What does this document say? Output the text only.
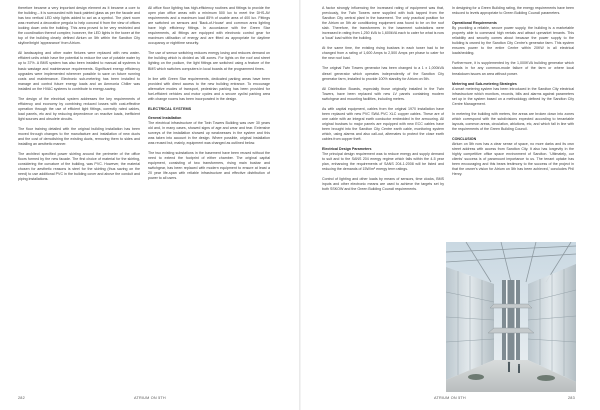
therefore became a very important design element as it became a core to the building – it is surrounded with back painted glass as per the facade and has two vertical LED strip lights added to act as a symbol. The plant room was received a decorative pergola to help conceal it from the view of offices looking down onto the building. This area proved to be very restricted and the coordination thereof complex; however, the LED lights in the tower at the top of the building clearly defined Atrium on 5th within the Sandton City skyline/bright 'appearance' from Atrium.

All landscaping and other water fixtures were replaced with new water-efficient units which have the potential to reduce the use of potable water by up to 37%. A BMS system has also been installed to manual all systems to basic wastage and maintenance requirements. Significant energy efficiency upgrades were implemented wherever possible to save on future running costs and maintenance. Electronic sub-metering has been installed to manage and control future energy loads and an Ammonia Chiller was installed on the HVAC systems to contribute to energy-saving.

The design of the electrical system addresses the key requirements of efficiency and economy by combining reduced losses with cost-effective operation through the use of efficient light fittings, correctly rated cables, load panels, etc and by reducing dependence on reactive loads, inefficient light sources and obsolete circuits.

The floor training detailed with the original building installation has been moved through changes to the manufacture and installation of new ducts and the cost of demolishing the existing ducts, removing them to sides and installing an aesthetic manner.

The architect specified power skirting around the perimeter of the office floors formed by the new facade. The first choice of material for the skirting, considering the curvature of the building, was PVC. However, the material chosen for aesthetic reasons is steel for the skirting (thus saving on the need) to use additional PVC in the building cover and above the conduit and piping installations.

All office floor lighting has high-efficiency routines and fittings to provide the open plan office areas with a minimum 500 lux to meet the DHS-AV requirements and a maximum load 85% of usable area of 400 lux. Fittings are switched on sensors and 'Back-of-House' and common area lighting have high efficiency fittings. In accordance with the Green Star requirements, all fittings are equipped with electronic control gear for maximum utilisation of energy and are fitted as appropriate for daytime occupancy or nighttime security.

The use of sensor switching reduces energy losing and reduces demand on the building which is divided as 'dB zones. For lights on the roof and street lighting on the podium, the light fittings are switched using a feature of the BMS which switches computers in local boards at the programmed times.

In line with Green Star requirements, dedicated parking areas have been provided with direct access to the new building entrance. To encourage alternative modes of transport, pedestrian parking has been provided for fuel-efficient vehicles and motor cycles and a secure cyclist parking area with change rooms has been incorporated in the design.

ELECTRICAL SYSTEMS
General Installation

The electrical infrastructure of the Twin Towers Building was over 30 years old and, in many cases, showed signs of age and wear and tear. Extensive surveys of the installation showed up weaknesses in the system and this was taken into account in the design. Where possible, original installation was reused but, mainly, equipment was changed as outlined below.

The two existing substations in the basement have been reused without the need to extend the footprint of either chamber. The original capital equipment, consisting of two transformers, rising main busbar and switchgear, has been replaced with modern equipment to ensure at least a 20 year life-span with reliable infrastructure and effective distribution of power to all users.

282	ATRIUM ON 5TH

A factor strongly influencing the increased rating of equipment was that, previously, the Twin Towers were supplied with bulk tapped from the Sandton City central plant in the basement. The only practical position for the Atrium on 5th air conditioning equipment was found to be on the roof slab. Therefore, the transformers in the basement substations were increased in rating from 1,250 kVA to 1,600kVA each to cater for what is now a 'local' load within the building.

At the same time, the existing rising busbars in each tower had to be changed from a rating of 1,600 Amps to 2,500 Amps per phase to cater for the new roof load.

The original Twin Towers generator has been changed to a 1 x 1,000kVA diesel generator which operates independently of the Sandton City generator farm, installed to provide 100% standby for Atrium on 5th.

All Distribution Boards, especially those originally installed in the Twin Towers, have been replaced with new LV panels containing modern switchgear and mounting facilities, including meters.

As with capital equipment, cables from the original 1970 installation have been replaced with new PVC SWA PVC XLC copper cables. These are of one cable with an integral earth conductor embedded in the armouring. All original busbars to major panels are equipped with new ECC cables have been brought into the Sandton City Centre earth cable, monitoring system which, using alarms and also call-out, alternates to protect the close earth cables from copper theft.

Electrical Design Parameters

The principal design requirement was to reduce energy and supply demand to suit and to the SANS 204 energy regime which falls within the 4-5 year plan, enhancing the requirements of SANS 204-1:2008 will be listed and reducing the demands of 15W/m² energy term ratings.

Control of lighting and other loads by means of sensors, time clocks, BMS inputs and other electronic means are used to achieve the targets set by both SSKOW and the Green Building Council requirements.

In designing for a Green Building rating, the energy requirements have been reduced to levels appropriate to Green Building Council parameters.

Operational Requirements

By providing a reliable, secure power supply, the building is a marketable property able to command high rentals and attract upmarket tenants. This reliability and security comes about because the power supply to the building is owned by the Sandton City Centre's generator farm. This system ensures power to the entire Centre within 20KW in all electrical loadshedding.

Furthermore, it is supplemented by the 1,000KVA building generator which stands in for any common-mode failure of the farm or where local breakdown issues an area without power.

Metering and Sub-metering Strategies

A smart metering system has been introduced in the Sandton City electrical infrastructure which monitors, records, bills and alarms against parameters set up in the system based on a methodology defined by the Sandton City Centre Management.

In metering the building with meters, the areas are broken down into zones which correspond with the subdivisions expected according to tenantable layouts, common areas, circulation, ablutions, etc, and which fall in line with the requirements of the Green Building Council.

CONCLUSION

Atrium on 5th now has a clear sense of space, no more darks and its own street address with access from Sandton City. It also has longevity in the highly competitive office space environment of Sandton. 'Ultimately, our clients' success is of paramount importance to us. The tenant uptake has been encouraging and this bears testimony to the success of the project in that the owner's vision for Atrium on 5th has been achieved,' concludes Phil Henry.

ATRIUM ON 5TH	283
